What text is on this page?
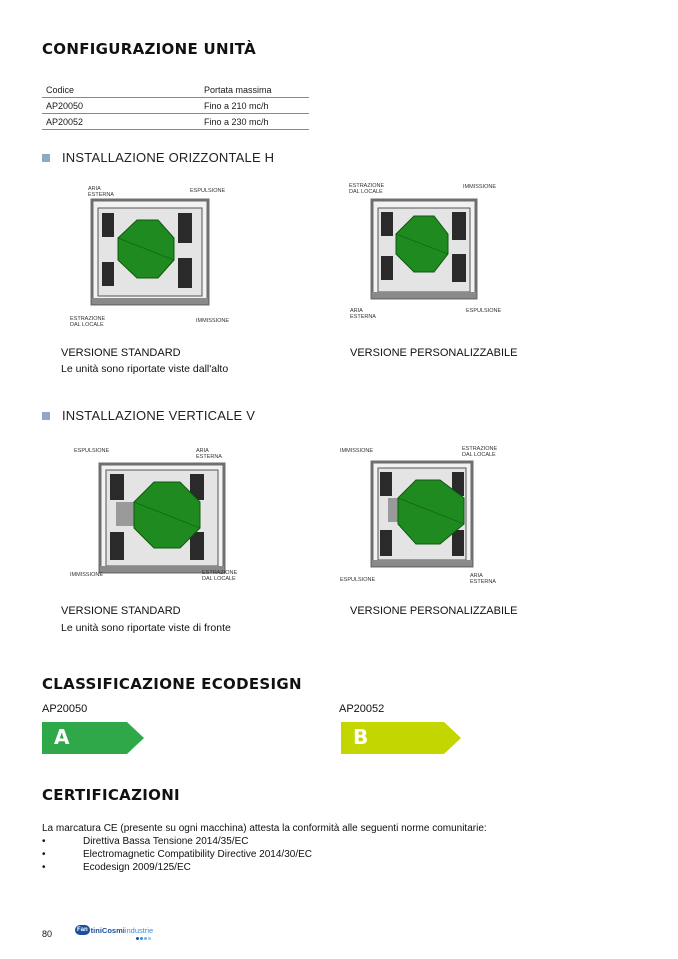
CONFIGURAZIONE UNITÀ
Codice	Portata massima
AP20050	Fino a 210 mc/h
AP20052	Fino a 230 mc/h
INSTALLAZIONE ORIZZONTALE H
ARIA
ESTERNA
ESPULSIONE
ESTRAZIONE
DAL LOCALE
IMMISSIONE
ESTRAZIONE
DAL LOCALE
IMMISSIONE
ARIA
ESTERNA
ESPULSIONE
VERSIONE STANDARD
Le unità sono riportate viste dall'alto
VERSIONE PERSONALIZZABILE
INSTALLAZIONE VERTICALE V
ESPULSIONE	ARIA
ESTERNA
IMMISSIONE	ESTRAZIONE
DAL LOCALE
IMMISSIONE	ESTRAZIONE
DAL LOCALE
ESPULSIONE
ARIA
ESTERNA
VERSIONE STANDARD
Le unità sono riportate viste di fronte
VERSIONE PERSONALIZZABILE
CLASSIFICAZIONE ECODESIGN
AP20050
A
AP20052
B
CERTIFICAZIONI
La marcatura CE (presente su ogni macchina) attesta la conformità alle seguenti norme comunitarie:
•	Direttiva Bassa Tensione 2014/35/EC
•	Electromagnetic Compatibility Directive 2014/30/EC
•	Ecodesign 2009/125/EC
80	Fan tiniCosmi industrie
